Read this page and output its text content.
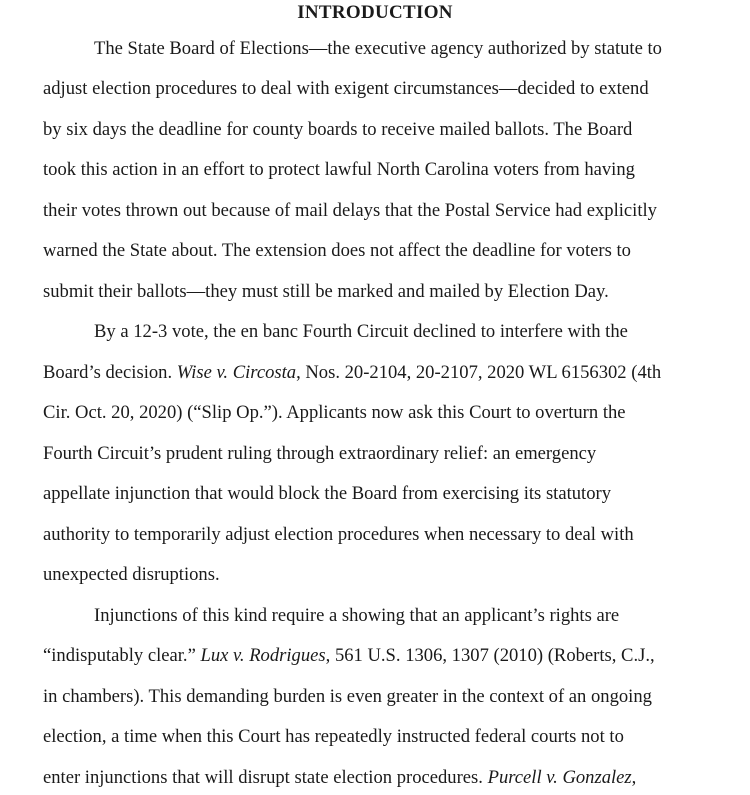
INTRODUCTION
The State Board of Elections—the executive agency authorized by statute to
adjust election procedures to deal with exigent circumstances—decided to extend
by six days the deadline for county boards to receive mailed ballots. The Board
took this action in an effort to protect lawful North Carolina voters from having
their votes thrown out because of mail delays that the Postal Service had explicitly
warned the State about. The extension does not affect the deadline for voters to
submit their ballots—they must still be marked and mailed by Election Day.
By a 12-3 vote, the en banc Fourth Circuit declined to interfere with the
Board’s decision. Wise v. Circosta, Nos. 20-2104, 20-2107, 2020 WL 6156302 (4th
Cir. Oct. 20, 2020) (“Slip Op.”). Applicants now ask this Court to overturn the
Fourth Circuit’s prudent ruling through extraordinary relief: an emergency
appellate injunction that would block the Board from exercising its statutory
authority to temporarily adjust election procedures when necessary to deal with
unexpected disruptions.
Injunctions of this kind require a showing that an applicant’s rights are
“indisputably clear.” Lux v. Rodrigues, 561 U.S. 1306, 1307 (2010) (Roberts, C.J.,
in chambers). This demanding burden is even greater in the context of an ongoing
election, a time when this Court has repeatedly instructed federal courts not to
enter injunctions that will disrupt state election procedures. Purcell v. Gonzalez,
